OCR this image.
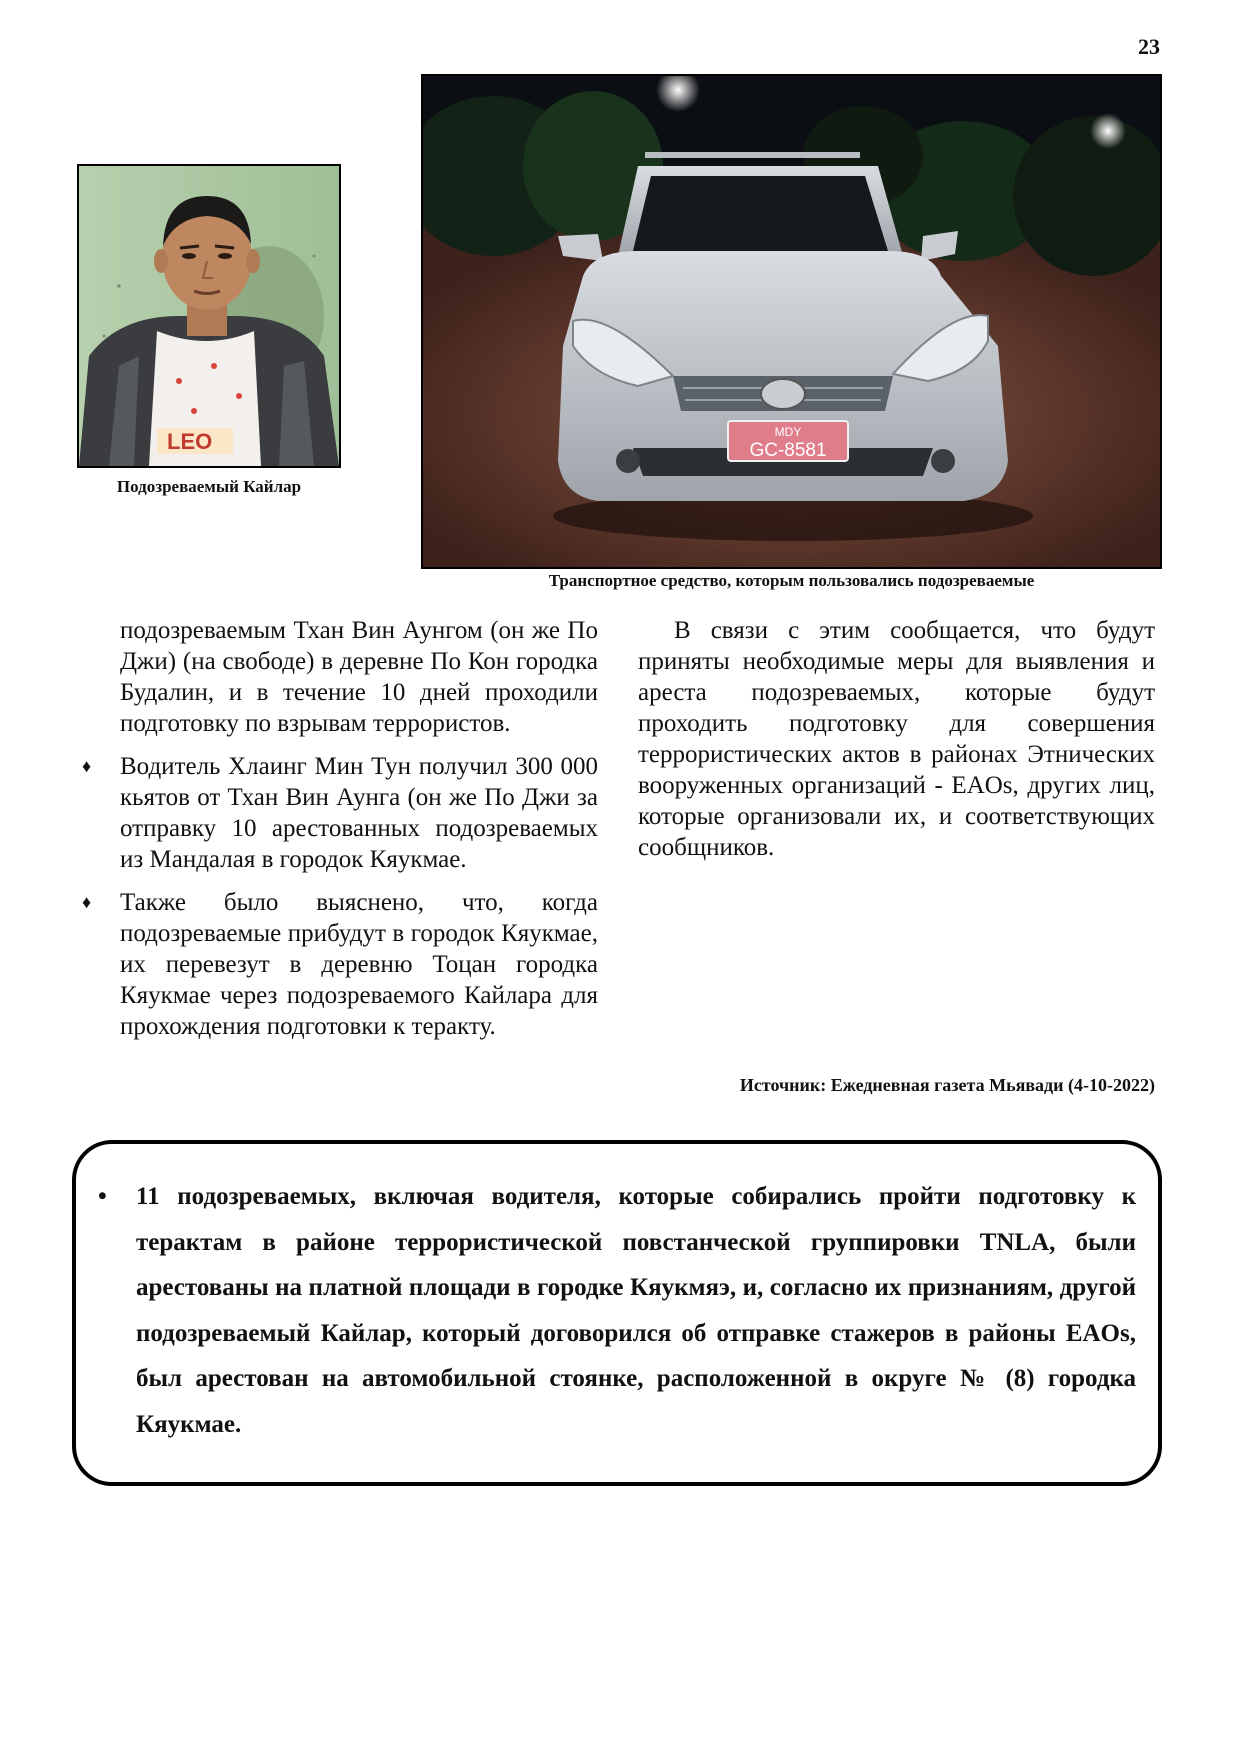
23
LEO
Подозреваемый Кайлар
MDY
GC-8581
Транспортное средство, которым пользовались подозреваемые

подозреваемым Тхан Вин Аунгом (он же По Джи) (на свободе) в деревне По Кон городка Будалин, и в течение 10 дней проходили подготовку по взрывам террористов.

♦ Водитель Хлаинг Мин Тун получил 300 000 кьятов от Тхан Вин Аунга (он же По Джи за отправку 10 арестованных подозреваемых из Мандалая в городок Кяукмае.

♦ Также было выяснено, что, когда подозреваемые прибудут в городок Кяукмае, их перевезут в деревню Тоцан городка Кяукмае через подозреваемого Кайлара для прохождения подготовки к теракту.

В связи с этим сообщается, что будут приняты необходимые меры для выявления и ареста подозреваемых, которые будут проходить подготовку для совершения террористических актов в районах Этнических вооруженных организаций - EAOs, других лиц, которые организовали их, и соответствующих сообщников.

Источник: Ежедневная газета Мьявади (4-10-2022)
• 11 подозреваемых, включая водителя, которые собирались пройти подготовку к терактам в районе террористической повстанческой группировки TNLA, были арестованы на платной площади в городке Кяукмяэ, и, согласно их признаниям, другой подозреваемый Кайлар, который договорился об отправке стажеров в районы EAOs, был арестован на автомобильной стоянке, расположенной в округе № (8) городка Кяукмае.
